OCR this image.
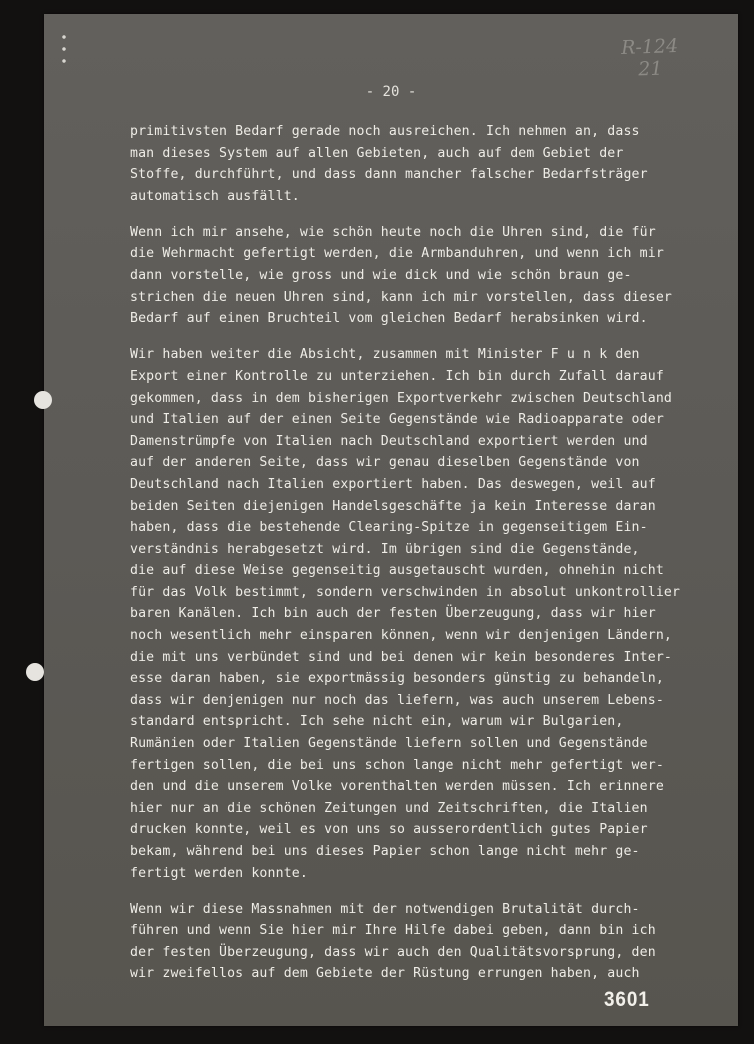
R-124
21
- 20 -
primitivsten Bedarf gerade noch ausreichen. Ich nehmen an, dass
man dieses System auf allen Gebieten, auch auf dem Gebiet der
Stoffe, durchführt, und dass dann mancher falscher Bedarfsträger
automatisch ausfällt.
Wenn ich mir ansehe, wie schön heute noch die Uhren sind, die für
die Wehrmacht gefertigt werden, die Armbanduhren, und wenn ich mir
dann vorstelle, wie gross und wie dick und wie schön braun ge-
strichen die neuen Uhren sind, kann ich mir vorstellen, dass dieser
Bedarf auf einen Bruchteil vom gleichen Bedarf herabsinken wird.
Wir haben weiter die Absicht, zusammen mit Minister F u n k den
Export einer Kontrolle zu unterziehen. Ich bin durch Zufall darauf
gekommen, dass in dem bisherigen Exportverkehr zwischen Deutschland
und Italien auf der einen Seite Gegenstände wie Radioapparate oder
Damenstrümpfe von Italien nach Deutschland exportiert werden und
auf der anderen Seite, dass wir genau dieselben Gegenstände von
Deutschland nach Italien exportiert haben. Das deswegen, weil auf
beiden Seiten diejenigen Handelsgeschäfte ja kein Interesse daran
haben, dass die bestehende Clearing-Spitze in gegenseitigem Ein-
verständnis herabgesetzt wird. Im übrigen sind die Gegenstände,
die auf diese Weise gegenseitig ausgetauscht wurden, ohnehin nicht
für das Volk bestimmt, sondern verschwinden in absolut unkontrollier
baren Kanälen. Ich bin auch der festen Überzeugung, dass wir hier
noch wesentlich mehr einsparen können, wenn wir denjenigen Ländern,
die mit uns verbündet sind und bei denen wir kein besonderes Inter-
esse daran haben, sie exportmässig besonders günstig zu behandeln,
dass wir denjenigen nur noch das liefern, was auch unserem Lebens-
standard entspricht. Ich sehe nicht ein, warum wir Bulgarien,
Rumänien oder Italien Gegenstände liefern sollen und Gegenstände
fertigen sollen, die bei uns schon lange nicht mehr gefertigt wer-
den und die unserem Volke vorenthalten werden müssen. Ich erinnere
hier nur an die schönen Zeitungen und Zeitschriften, die Italien
drucken konnte, weil es von uns so ausserordentlich gutes Papier
bekam, während bei uns dieses Papier schon lange nicht mehr ge-
fertigt werden konnte.
Wenn wir diese Massnahmen mit der notwendigen Brutalität durch-
führen und wenn Sie hier mir Ihre Hilfe dabei geben, dann bin ich
der festen Überzeugung, dass wir auch den Qualitätsvorsprung, den
wir zweifellos auf dem Gebiete der Rüstung errungen haben, auch
3601
